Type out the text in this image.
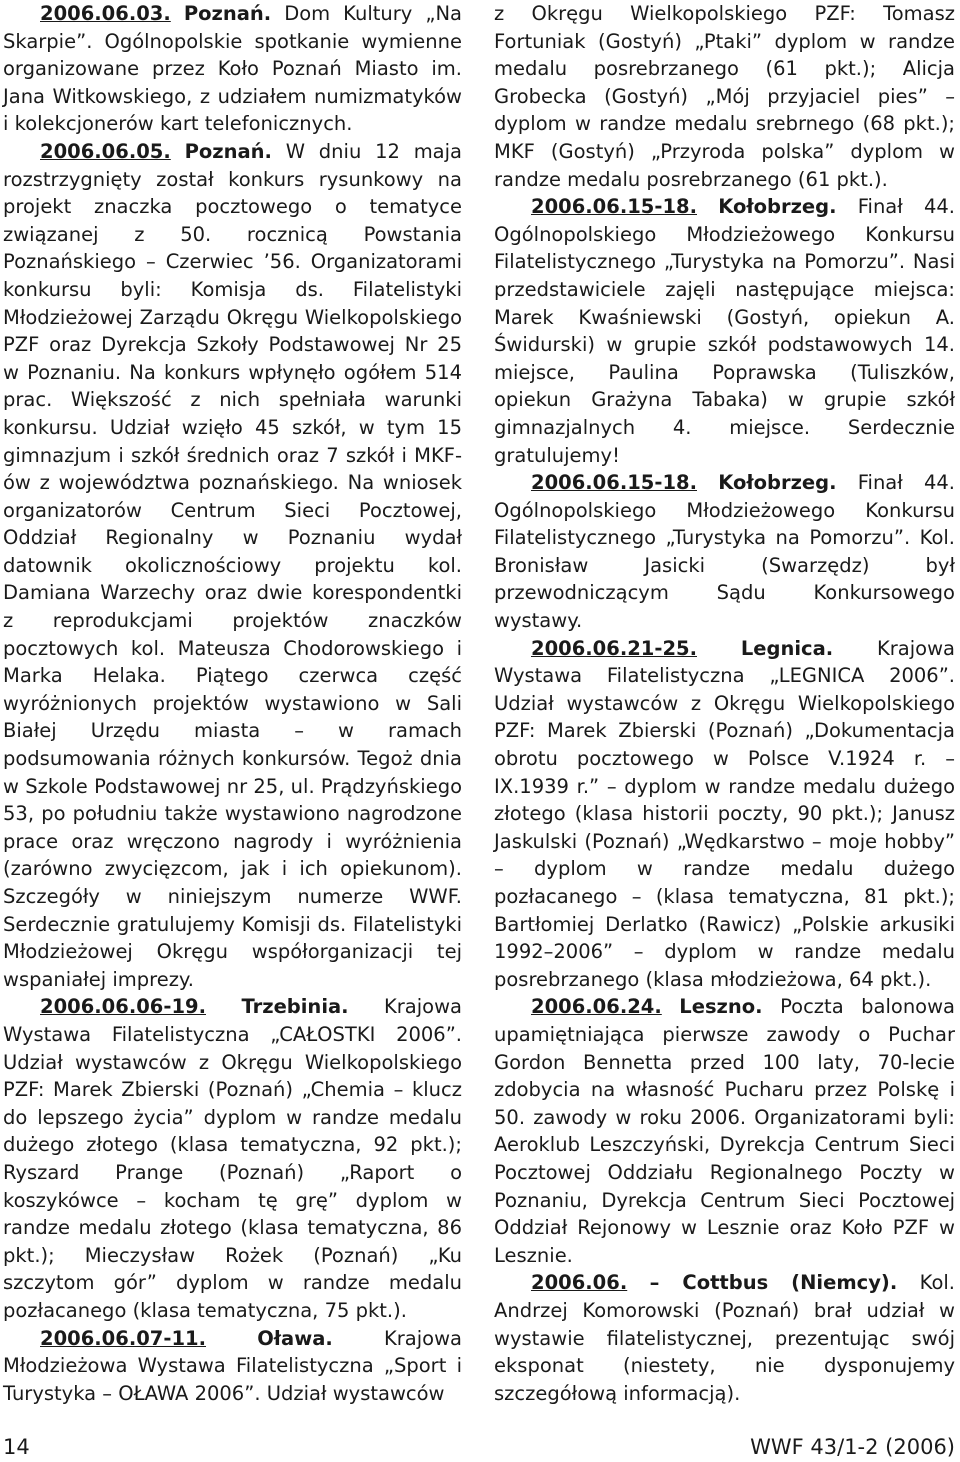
2006.06.03. Poznań. Dom Kultury „Na Skarpie”. Ogólnopolskie spotkanie wymienne organizowane przez Koło Poznań Miasto im. Jana Witkowskiego, z udziałem numizmatyków i kolekcjonerów kart telefonicznych.

2006.06.05. Poznań. W dniu 12 maja rozstrzygnięty został konkurs rysunkowy na projekt znaczka pocztowego o tematyce związanej z 50. rocznicą Powstania Poznańskiego – Czerwiec ’56. Organizatorami konkursu byli: Komisja ds. Filatelistyki Młodzieżowej Zarządu Okręgu Wielkopolskiego PZF oraz Dyrekcja Szkoły Podstawowej Nr 25 w Poznaniu. Na konkurs wpłynęło ogółem 514 prac. Większość z nich spełniała warunki konkursu. Udział wzięło 45 szkół, w tym 15 gimnazjum i szkół średnich oraz 7 szkół i MKF-ów z województwa poznańskiego. Na wniosek organizatorów Centrum Sieci Pocztowej, Oddział Regionalny w Poznaniu wydał datownik okolicznościowy projektu kol. Damiana Warzechy oraz dwie korespondentki z reprodukcjami projektów znaczków pocztowych kol. Mateusza Chodorowskiego i Marka Helaka. Piątego czerwca część wyróżnionych projektów wystawiono w Sali Białej Urzędu miasta – w ramach podsumowania różnych konkursów. Tegoż dnia w Szkole Podstawowej nr 25, ul. Prądzyńskiego 53, po południu także wystawiono nagrodzone prace oraz wręczono nagrody i wyróżnienia (zarówno zwycięzcom, jak i ich opiekunom). Szczegóły w niniejszym numerze WWF. Serdecznie gratulujemy Komisji ds. Filatelistyki Młodzieżowej Okręgu współorganizacji tej wspaniałej imprezy.

2006.06.06-19. Trzebinia. Krajowa Wystawa Filatelistyczna „CAŁOSTKI 2006”. Udział wystawców z Okręgu Wielkopolskiego PZF: Marek Zbierski (Poznań) „Chemia – klucz do lepszego życia” dyplom w randze medalu dużego złotego (klasa tematyczna, 92 pkt.); Ryszard Prange (Poznań) „Raport o koszykówce – kocham tę grę” dyplom w randze medalu złotego (klasa tematyczna, 86 pkt.); Mieczysław Rożek (Poznań) „Ku szczytom gór” dyplom w randze medalu pozłacanego (klasa tematyczna, 75 pkt.).

2006.06.07-11.	Oława. Krajowa Młodzieżowa Wystawa Filatelistyczna „Sport i Turystyka – OŁAWA 2006”. Udział wystawców

z Okręgu Wielkopolskiego PZF: Tomasz Fortuniak (Gostyń) „Ptaki” dyplom w randze medalu posrebrzanego (61 pkt.); Alicja Grobecka (Gostyń) „Mój przyjaciel pies” – dyplom w randze medalu srebrnego (68 pkt.); MKF (Gostyń) „Przyroda polska” dyplom w randze medalu posrebrzanego (61 pkt.).

2006.06.15-18. Kołobrzeg. Finał 44. Ogólnopolskiego Młodzieżowego Konkursu Filatelistycznego „Turystyka na Pomorzu”. Nasi przedstawiciele zajęli następujące miejsca: Marek Kwaśniewski (Gostyń, opiekun A. Świdurski) w grupie szkół podstawowych 14. miejsce, Paulina Poprawska (Tuliszków, opiekun Grażyna Tabaka) w grupie szkół gimnazjalnych 4. miejsce. Serdecznie gratulujemy!

2006.06.15-18. Kołobrzeg. Finał 44. Ogólnopolskiego Młodzieżowego Konkursu Filatelistycznego „Turystyka na Pomorzu”. Kol. Bronisław Jasicki (Swarzędz) był przewodniczącym Sądu Konkursowego wystawy.

2006.06.21-25. Legnica. Krajowa Wystawa Filatelistyczna „LEGNICA 2006”. Udział wystawców z Okręgu Wielkopolskiego PZF: Marek Zbierski (Poznań) „Dokumentacja obrotu pocztowego w Polsce V.1924 r. – IX.1939 r.” – dyplom w randze medalu dużego złotego (klasa historii poczty, 90 pkt.); Janusz Jaskulski (Poznań) „Wędkarstwo – moje hobby” – dyplom w randze medalu dużego pozłacanego – (klasa tematyczna, 81 pkt.); Bartłomiej Derlatko (Rawicz) „Polskie arkusiki 1992–2006” – dyplom w randze medalu posrebrzanego (klasa młodzieżowa, 64 pkt.).

2006.06.24. Leszno. Poczta balonowa upamiętniająca pierwsze zawody o Puchar Gordon Bennetta przed 100 laty, 70-lecie zdobycia na własność Pucharu przez Polskę i 50. zawody w roku 2006. Organizatorami byli: Aeroklub Leszczyński, Dyrekcja Centrum Sieci Pocztowej Oddziału Regionalnego Poczty w Poznaniu, Dyrekcja Centrum Sieci Pocztowej Oddział Rejonowy w Lesznie oraz Koło PZF w Lesznie.

2006.06. – Cottbus (Niemcy). Kol. Andrzej Komorowski (Poznań) brał udział w wystawie filatelistycznej, prezentując swój eksponat (niestety, nie dysponujemy szczegółową informacją).

14	WWF 43/1-2 (2006)
